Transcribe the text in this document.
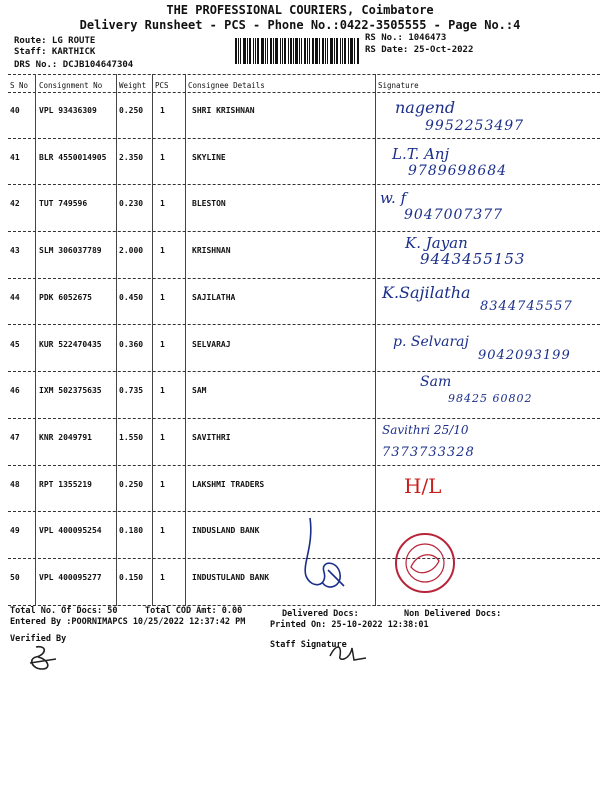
THE PROFESSIONAL COURIERS, Coimbatore
Delivery Runsheet - PCS - Phone No.:0422-3505555 - Page No.:4
Route: LG ROUTE
Staff: KARTHICK
DRS No.: DCJB104647304
RS No.: 1046473
RS Date: 25-Oct-2022
S No Consignment No Weight PCS	Consignee Details	Signature
40 VPL 93436309	0.250 1	SHRI KRISHNAN	nagend
9952253497
41 BLR 4550014905 2.350 1	SKYLINE	L.T. Anj
9789698684
42 TUT 749596	0.230 1	BLESTON	w. f
9047007377
43 SLM 306037789 2.000 1	KRISHNAN	K. Jayan
9443455153
44 PDK 6052675	0.450 1	SAJILATHA	K.Sajilatha
8344745557
45 KUR 522470435 0.360 1	SELVARAJ	p. Selvaraj
9042093199
46 IXM 502375635 0.735 1	SAM
Sam
98425 60802
47 KNR 2049791	1.550 1	SAVITHRI
Savithri 25/10
7373733328
48 RPT 1355219	0.250 1	LAKSHMI TRADERS	H/L
49 VPL 400095254 0.180 1	INDUSLAND BANK
50 VPL 400095277 0.150 1	INDUSTULAND BANK
Total No. Of Docs: 50	Total COD Amt: 0.00	Delivered Docs:	Non Delivered Docs:
Entered By :POORNIMAPCS 10/25/2022 12:37:42 PM	Printed On: 25-10-2022 12:38:01
Verified By
Staff Signature
